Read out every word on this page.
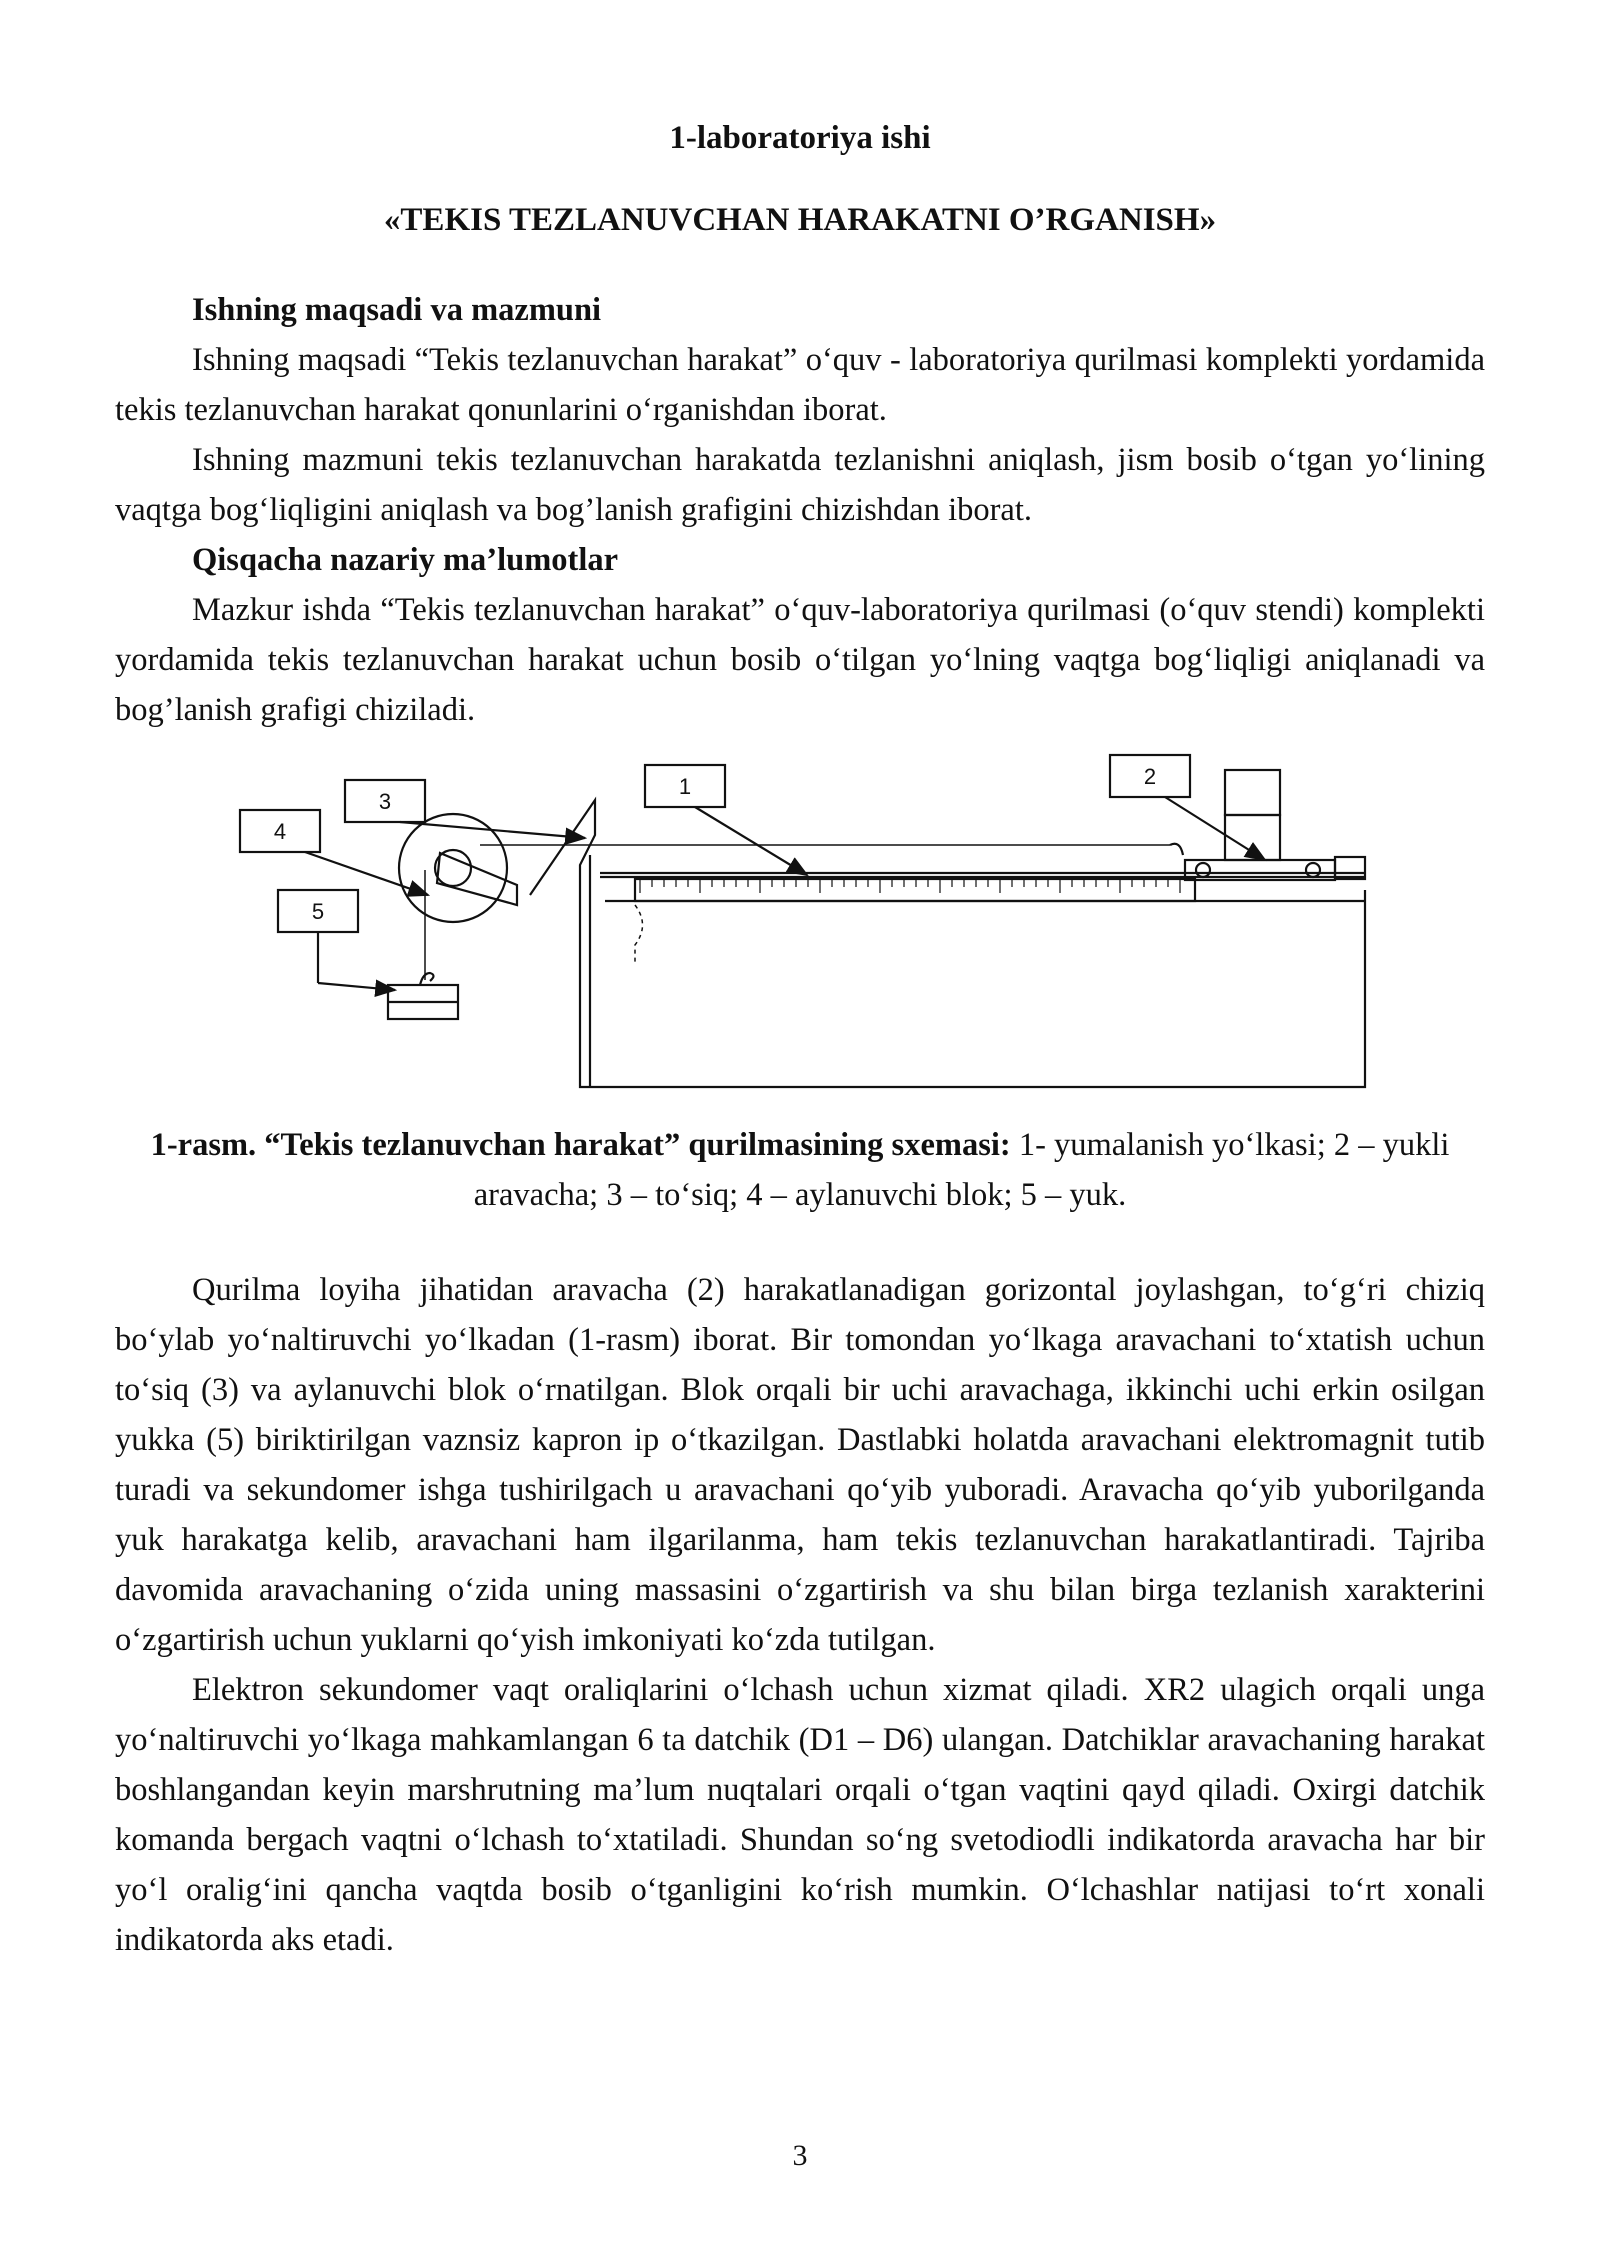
1-laboratoriya ishi
«TEKIS TEZLANUVCHAN HARAKATNI O’RGANISH»

Ishning maqsadi va mazmuni

Ishning maqsadi “Tekis tezlanuvchan harakat” o‘quv - laboratoriya qurilmasi komplekti yordamida tekis tezlanuvchan harakat qonunlarini o‘rganishdan iborat.

Ishning mazmuni tekis tezlanuvchan harakatda tezlanishni aniqlash, jism bosib o‘tgan yo‘lining vaqtga bog‘liqligini aniqlash va bog’lanish grafigini chizishdan iborat.

Qisqacha nazariy ma’lumotlar

Mazkur ishda “Tekis tezlanuvchan harakat” o‘quv-laboratoriya qurilmasi (o‘quv stendi) komplekti yordamida tekis tezlanuvchan harakat uchun bosib o‘tilgan yo‘lning vaqtga bog‘liqligi aniqlanadi va bog’lanish grafigi chiziladi.

1	2
3
4
5
1-rasm. “Tekis tezlanuvchan harakat” qurilmasining sxemasi: 1- yumalanish yo‘lkasi; 2 – yukli aravacha; 3 – to‘siq; 4 – aylanuvchi blok; 5 – yuk.

Qurilma loyiha jihatidan aravacha (2) harakatlanadigan gorizontal joylashgan, to‘g‘ri chiziq bo‘ylab yo‘naltiruvchi yo‘lkadan (1-rasm) iborat. Bir tomondan yo‘lkaga aravachani to‘xtatish uchun to‘siq (3) va aylanuvchi blok o‘rnatilgan. Blok orqali bir uchi aravachaga, ikkinchi uchi erkin osilgan yukka (5) biriktirilgan vaznsiz kapron ip o‘tkazilgan. Dastlabki holatda aravachani elektromagnit tutib turadi va sekundomer ishga tushirilgach u aravachani qo‘yib yuboradi. Aravacha qo‘yib yuborilganda yuk harakatga kelib, aravachani ham ilgarilanma, ham tekis tezlanuvchan harakatlantiradi. Tajriba davomida aravachaning o‘zida uning massasini o‘zgartirish va shu bilan birga tezlanish xarakterini o‘zgartirish uchun yuklarni qo‘yish imkoniyati ko‘zda tutilgan.

Elektron sekundomer vaqt oraliqlarini o‘lchash uchun xizmat qiladi. XR2 ulagich orqali unga yo‘naltiruvchi yo‘lkaga mahkamlangan 6 ta datchik (D1 – D6) ulangan. Datchiklar aravachaning harakat boshlangandan keyin marshrutning ma’lum nuqtalari orqali o‘tgan vaqtini qayd qiladi. Oxirgi datchik komanda bergach vaqtni o‘lchash to‘xtatiladi. Shundan so‘ng svetodiodli indikatorda aravacha har bir yo‘l oralig‘ini qancha vaqtda bosib o‘tganligini ko‘rish mumkin. O‘lchashlar natijasi to‘rt xonali indikatorda aks etadi.

3
